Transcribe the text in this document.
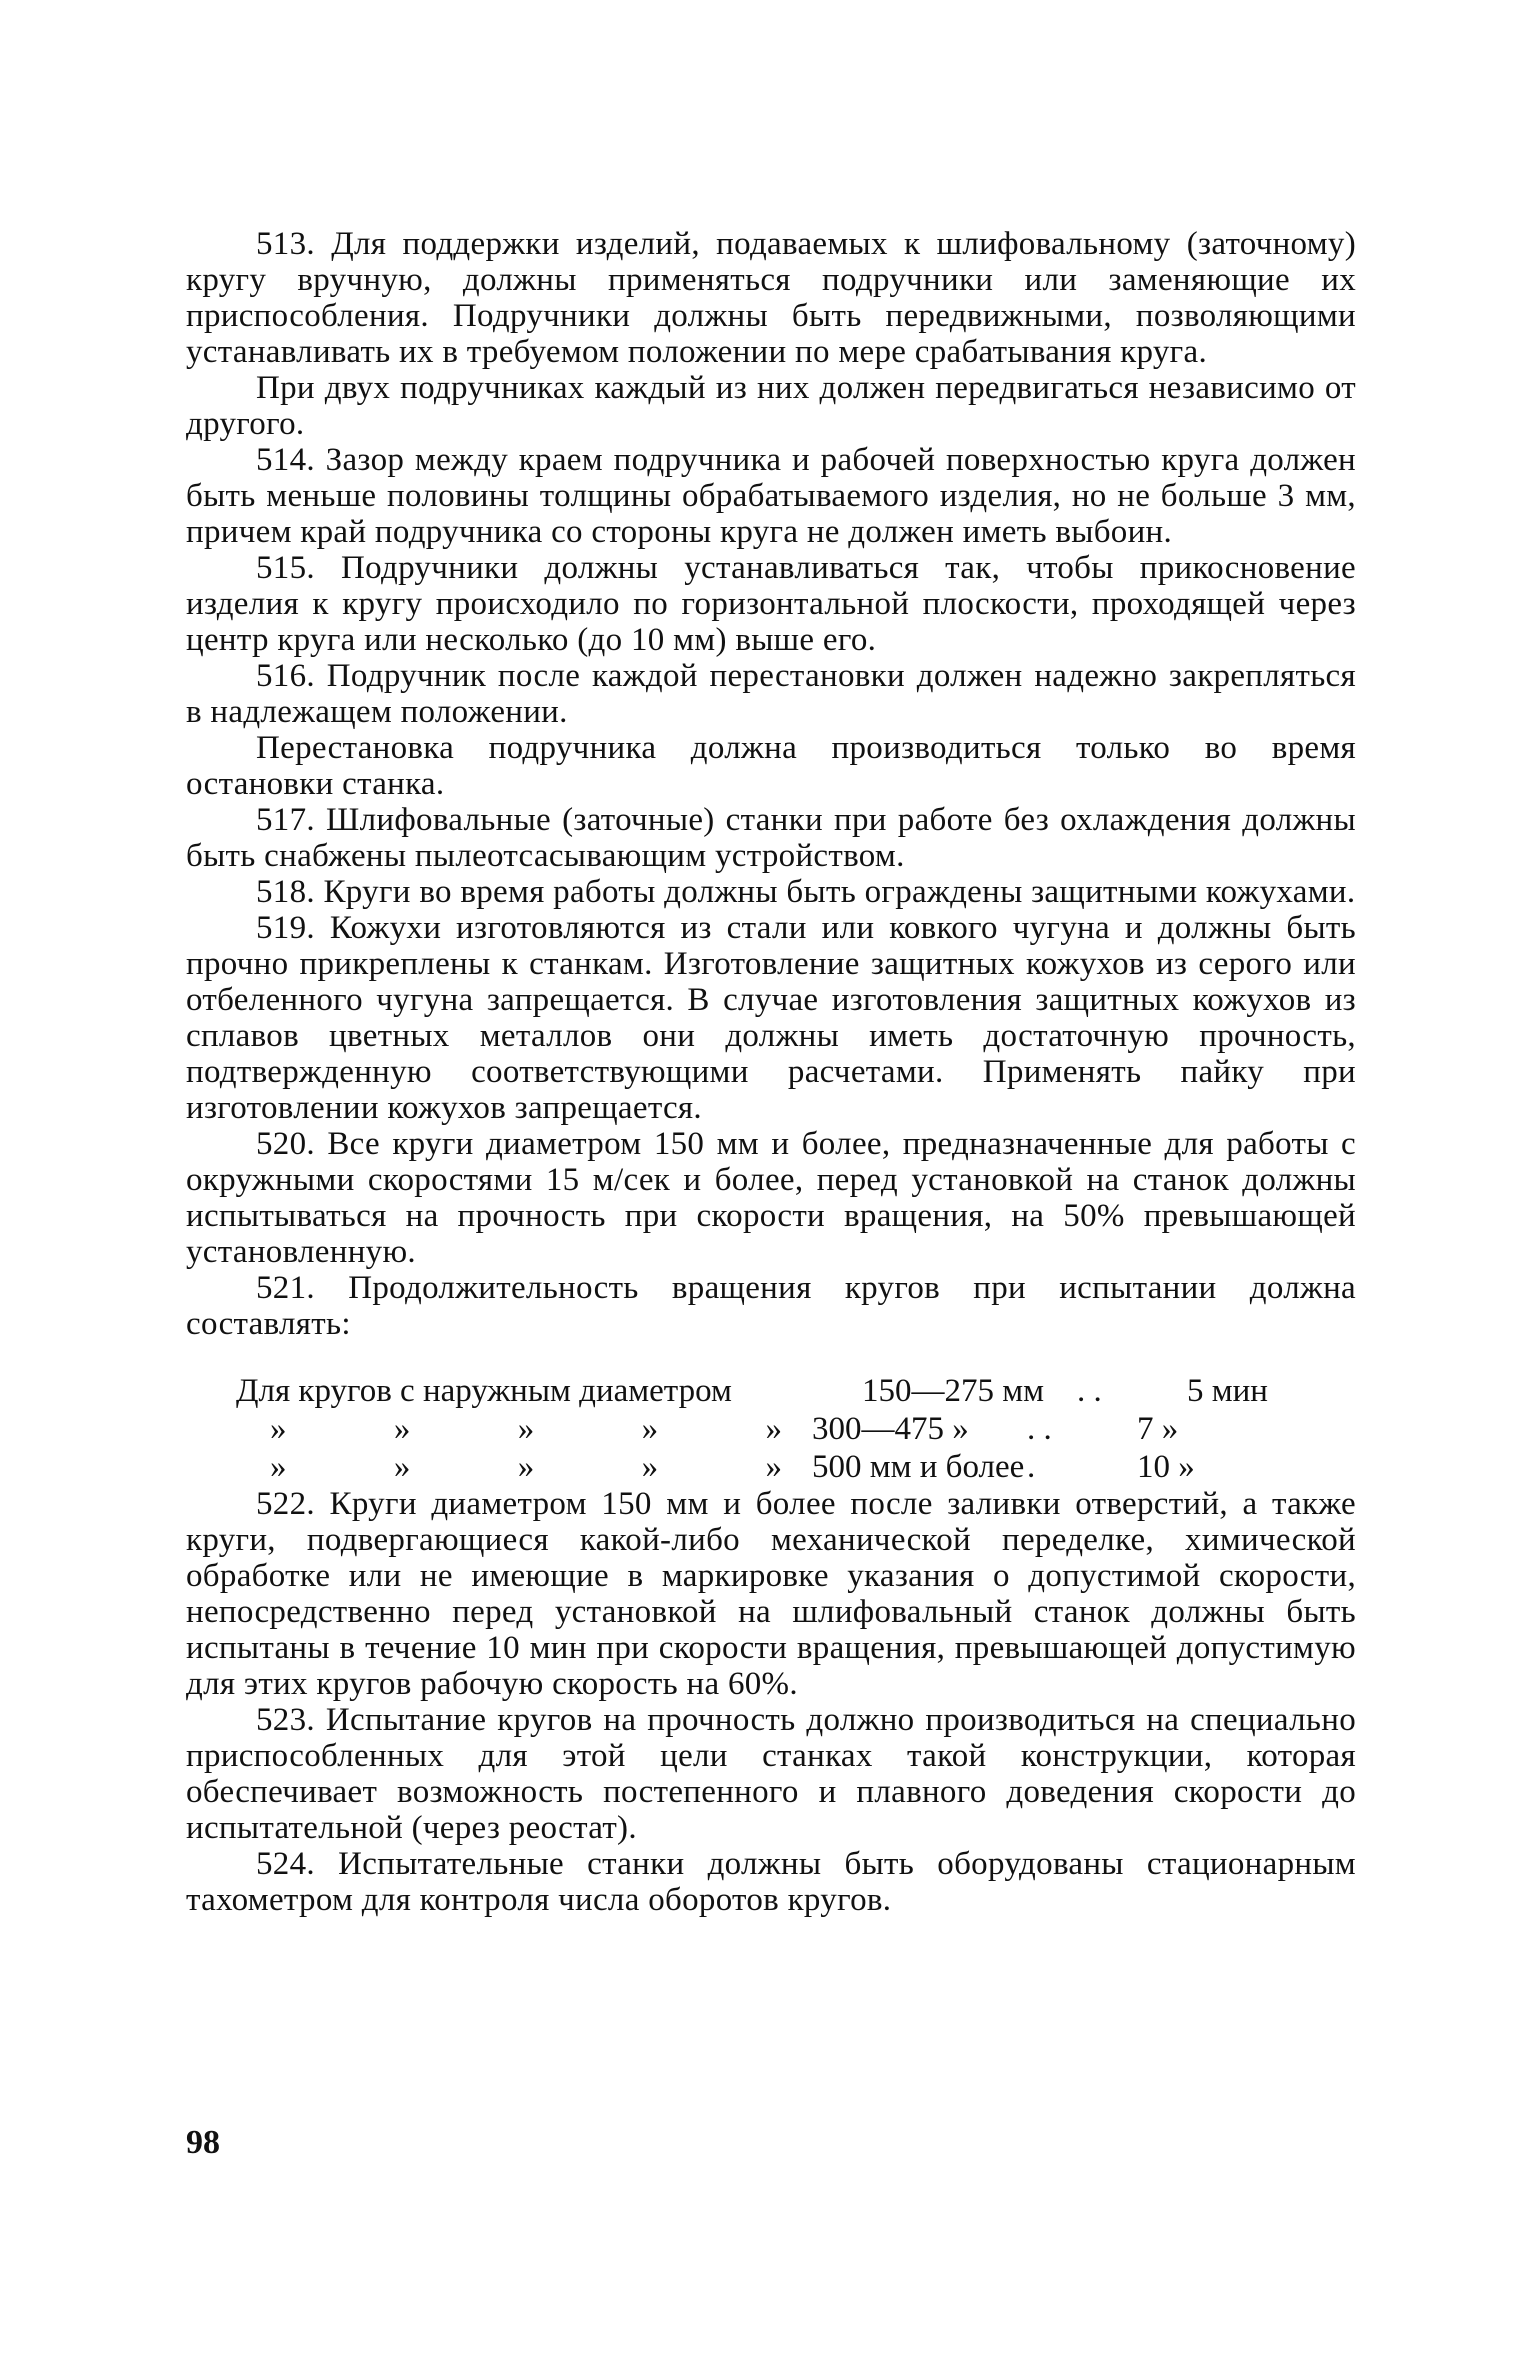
513. Для поддержки изделий, подаваемых к шлифовальному (заточному) кругу вручную, должны применяться подручники или заменяющие их приспособления. Подручники должны быть передвижными, позволяющими устанавливать их в требуемом положении по мере срабатывания круга.

При двух подручниках каждый из них должен передвигаться независимо от другого.

514. Зазор между краем подручника и рабочей поверхностью круга должен быть меньше половины толщины обрабатываемого изделия, но не больше 3 мм, причем край подручника со стороны круга не должен иметь выбоин.

515. Подручники должны устанавливаться так, чтобы прикосновение изделия к кругу происходило по горизонтальной плоскости, проходящей через центр круга или несколько (до 10 мм) выше его.

516. Подручник после каждой перестановки должен надежно закрепляться в надлежащем положении.

Перестановка подручника должна производиться только во время остановки станка.

517. Шлифовальные (заточные) станки при работе без охлаждения должны быть снабжены пылеотсасывающим устройством.

518. Круги во время работы должны быть ограждены защитными кожухами.

519. Кожухи изготовляются из стали или ковкого чугуна и должны быть прочно прикреплены к станкам. Изготовление защитных кожухов из серого или отбеленного чугуна запрещается. В случае изготовления защитных кожухов из сплавов цветных металлов они должны иметь достаточную прочность, подтвержденную соответствующими расчетами. Применять пайку при изготовлении кожухов запрещается.

520. Все круги диаметром 150 мм и более, предназначенные для работы с окружными скоростями 15 м/сек и более, перед установкой на станок должны испытываться на прочность при скорости вращения, на 50% превышающей установленную.

521. Продолжительность вращения кругов при испытании должна составлять:

Для кругов с наружным диаметром	150—275 мм . .	5 мин
»	»	»	»	» 300—475 »	. .	7 »
»	»	»	»	» 500 мм и более .	10 »

522. Круги диаметром 150 мм и более после заливки отверстий, а также круги, подвергающиеся какой-либо механической переделке, химической обработке или не имеющие в маркировке указания о допустимой скорости, непосредственно перед установкой на шлифовальный станок должны быть испытаны в течение 10 мин при скорости вращения, превышающей допустимую для этих кругов рабочую скорость на 60%.

523. Испытание кругов на прочность должно производиться на специально приспособленных для этой цели станках такой конструкции, которая обеспечивает возможность постепенного и плавного доведения скорости до испытательной (через реостат).

524. Испытательные станки должны быть оборудованы стационарным тахометром для контроля числа оборотов кругов.

98
